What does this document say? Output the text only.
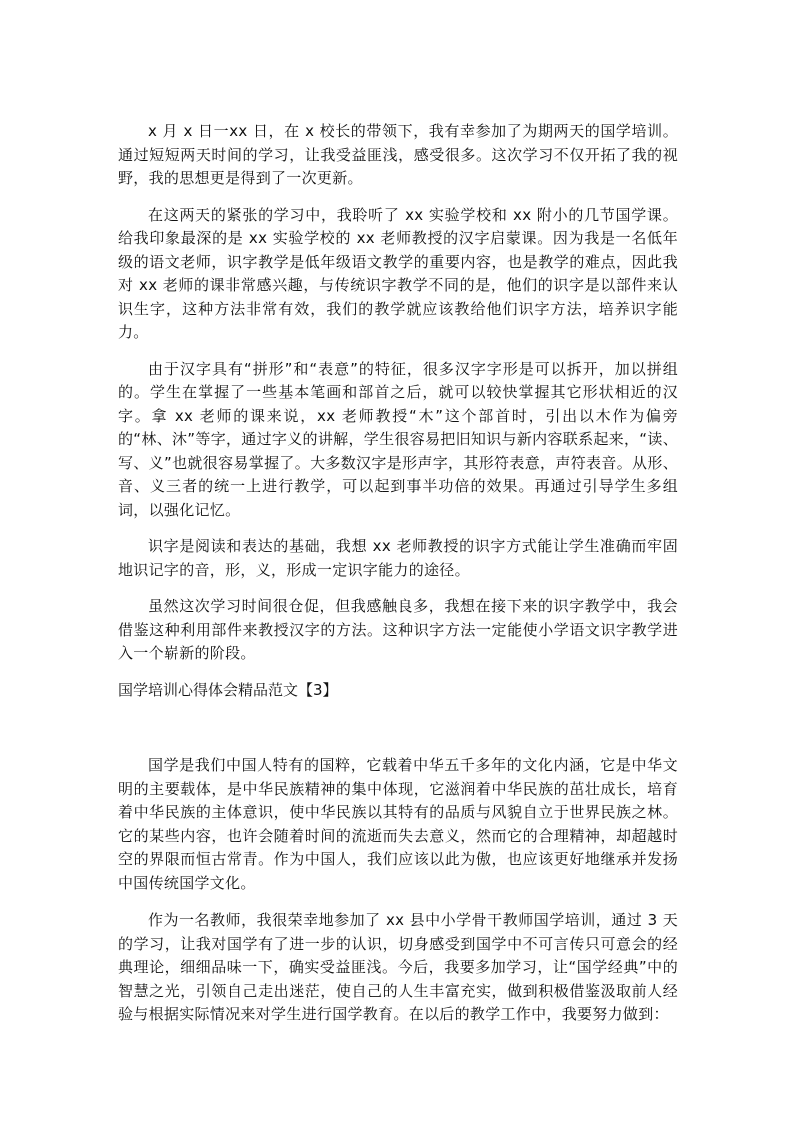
x 月 x 日一xx 日，在 x 校长的带领下，我有幸参加了为期两天的国学培训。通过短短两天时间的学习，让我受益匪浅，感受很多。这次学习不仅开拓了我的视野，我的思想更是得到了一次更新。

在这两天的紧张的学习中，我聆听了 xx 实验学校和 xx 附小的几节国学课。给我印象最深的是 xx 实验学校的 xx 老师教授的汉字启蒙课。因为我是一名低年级的语文老师，识字教学是低年级语文教学的重要内容，也是教学的难点，因此我对 xx 老师的课非常感兴趣，与传统识字教学不同的是，他们的识字是以部件来认识生字，这种方法非常有效，我们的教学就应该教给他们识字方法，培养识字能力。

由于汉字具有“拼形”和“表意”的特征，很多汉字字形是可以拆开，加以拼组的。学生在掌握了一些基本笔画和部首之后，就可以较快掌握其它形状相近的汉字。拿 xx 老师的课来说，xx 老师教授“木”这个部首时，引出以木作为偏旁的“林、沐”等字，通过字义的讲解，学生很容易把旧知识与新内容联系起来，“读、写、义”也就很容易掌握了。大多数汉字是形声字，其形符表意，声符表音。从形、音、义三者的统一上进行教学，可以起到事半功倍的效果。再通过引导学生多组词，以强化记忆。

识字是阅读和表达的基础，我想 xx 老师教授的识字方式能让学生准确而牢固地识记字的音，形，义，形成一定识字能力的途径。

虽然这次学习时间很仓促，但我感触良多，我想在接下来的识字教学中，我会借鉴这种利用部件来教授汉字的方法。这种识字方法一定能使小学语文识字教学进入一个崭新的阶段。

国学培训心得体会精品范文【3】

国学是我们中国人特有的国粹，它载着中华五千多年的文化内涵，它是中华文明的主要载体，是中华民族精神的集中体现，它滋润着中华民族的茁壮成长，培育着中华民族的主体意识，使中华民族以其特有的品质与风貌自立于世界民族之林。它的某些内容，也许会随着时间的流逝而失去意义，然而它的合理精神，却超越时空的界限而恒古常青。作为中国人，我们应该以此为傲，也应该更好地继承并发扬中国传统国学文化。

作为一名教师，我很荣幸地参加了 xx 县中小学骨干教师国学培训，通过 3 天的学习，让我对国学有了进一步的认识，切身感受到国学中不可言传只可意会的经典理论，细细品味一下，确实受益匪浅。今后，我要多加学习，让“国学经典”中的智慧之光，引领自己走出迷茫，使自己的人生丰富充实，做到积极借鉴汲取前人经验与根据实际情况来对学生进行国学教育。在以后的教学工作中，我要努力做到：
